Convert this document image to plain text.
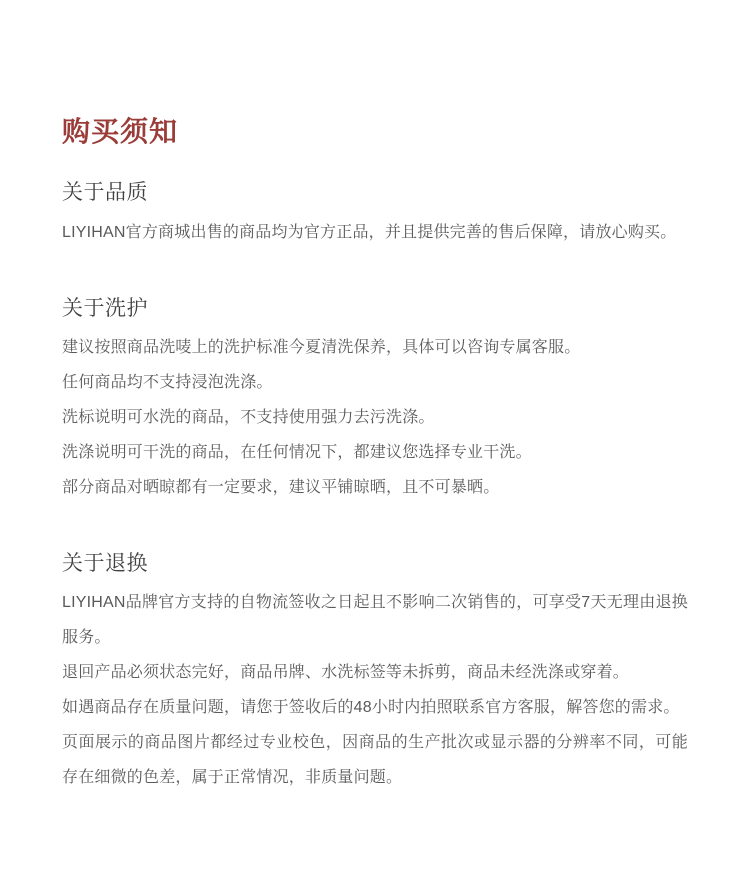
购买须知
关于品质

LIYIHAN官方商城出售的商品均为官方正品，并且提供完善的售后保障，请放心购买。

关于洗护

建议按照商品洗唛上的洗护标准今夏清洗保养，具体可以咨询专属客服。

任何商品均不支持浸泡洗涤。

洗标说明可水洗的商品，不支持使用强力去污洗涤。

洗涤说明可干洗的商品，在任何情况下，都建议您选择专业干洗。

部分商品对晒晾都有一定要求，建议平铺晾晒，且不可暴晒。

关于退换

LIYIHAN品牌官方支持的自物流签收之日起且不影响二次销售的，可享受7天无理由退换服务。

退回产品必须状态完好，商品吊牌、水洗标签等未拆剪，商品未经洗涤或穿着。

如遇商品存在质量问题，请您于签收后的48小时内拍照联系官方客服，解答您的需求。

页面展示的商品图片都经过专业校色，因商品的生产批次或显示器的分辨率不同，可能存在细微的色差，属于正常情况，非质量问题。
